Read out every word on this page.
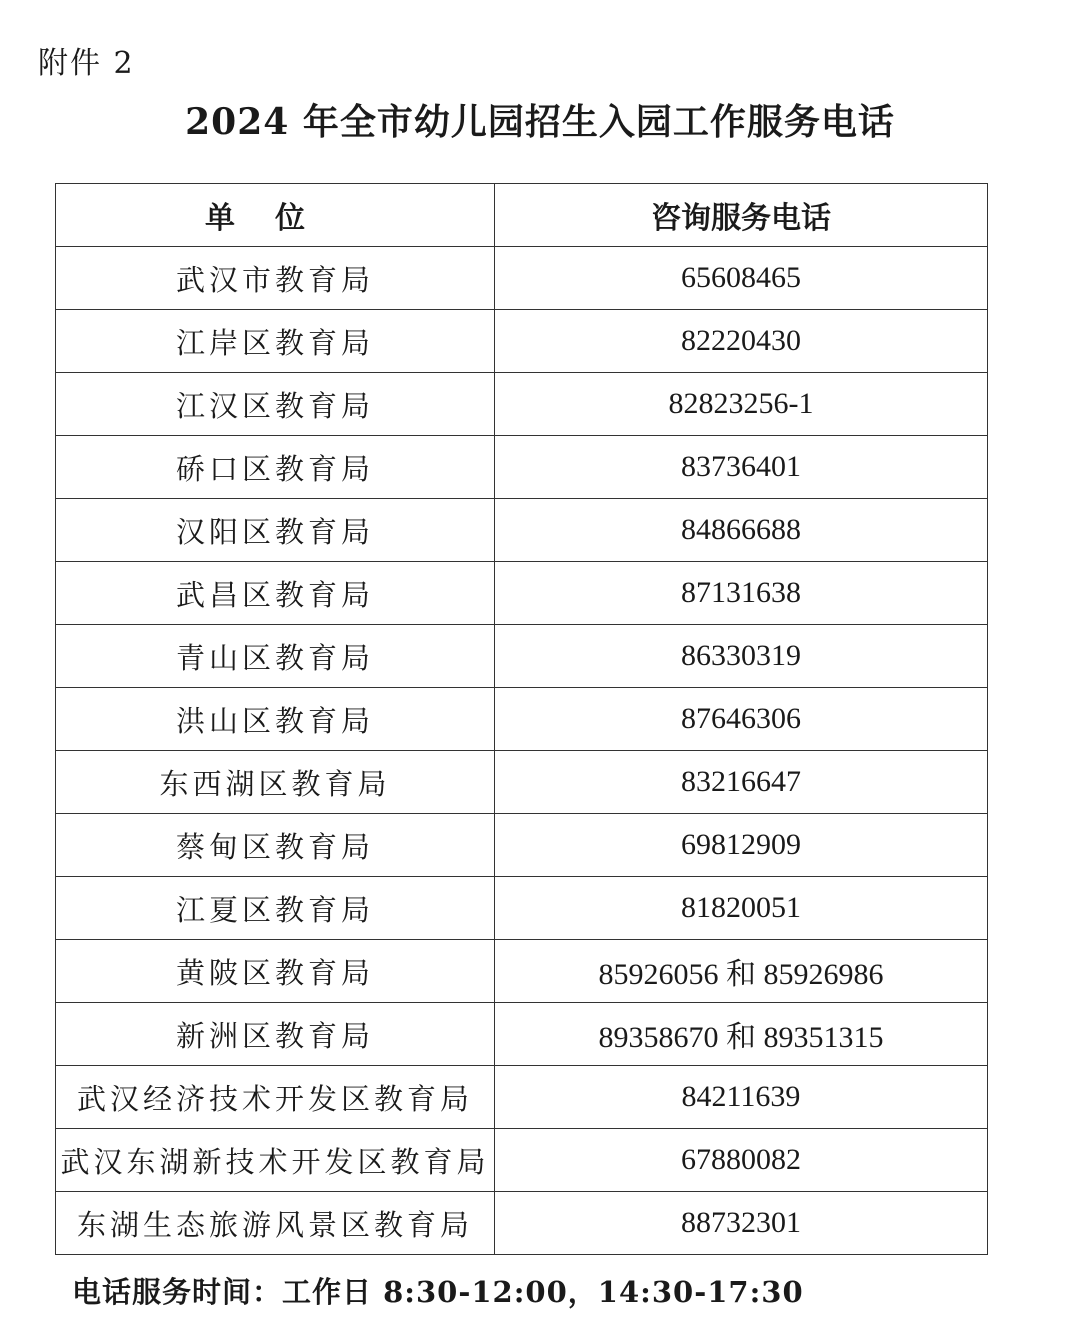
附件 2
2024 年全市幼儿园招生入园工作服务电话
单位	咨询服务电话
武汉市教育局	65608465
江岸区教育局	82220430
江汉区教育局	82823256-1
硚口区教育局	83736401
汉阳区教育局	84866688
武昌区教育局	87131638
青山区教育局	86330319
洪山区教育局	87646306
东西湖区教育局	83216647
蔡甸区教育局	69812909
江夏区教育局	81820051
黄陂区教育局	85926056 和 85926986
新洲区教育局	89358670 和 89351315
武汉经济技术开发区教育局	84211639
武汉东湖新技术开发区教育局	67880082
东湖生态旅游风景区教育局	88732301
电话服务时间：工作日 8:30-12:00，14:30-17:30
